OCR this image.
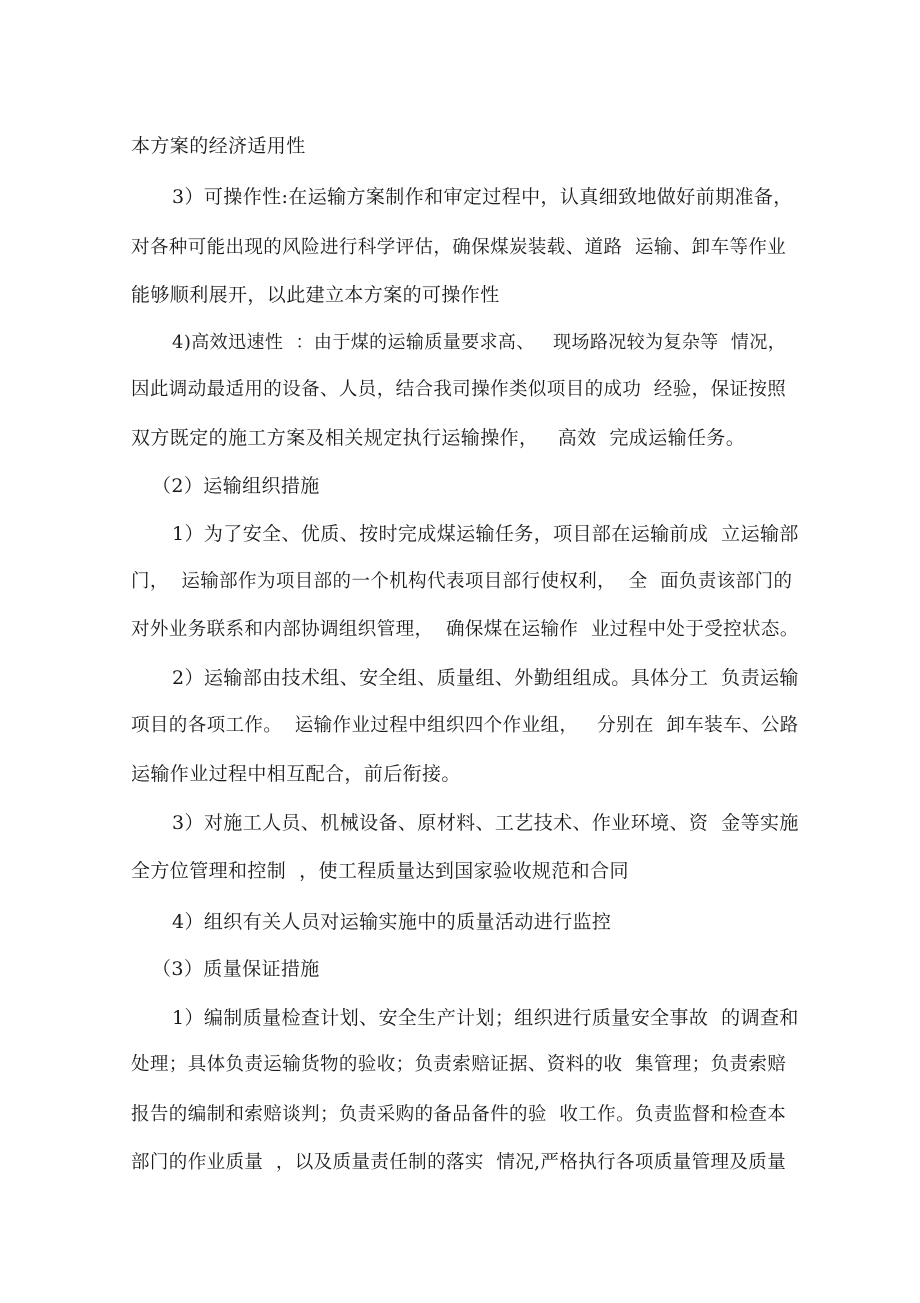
本方案的经济适用性
3）可操作性:在运输方案制作和审定过程中，认真细致地做好前期准备，
对各种可能出现的风险进行科学评估，确保煤炭装载、道路  运输、卸车等作业
能够顺利展开，以此建立本方案的可操作性
4)高效迅速性  ：由于煤的运输质量要求高、   现场路况较为复杂等  情况，
因此调动最适用的设备、人员，结合我司操作类似项目的成功  经验，保证按照
双方既定的施工方案及相关规定执行运输操作，   高效  完成运输任务。
（2）运输组织措施
1）为了安全、优质、按时完成煤运输任务，项目部在运输前成  立运输部
门，  运输部作为项目部的一个机构代表项目部行使权利，  全  面负责该部门的
对外业务联系和内部协调组织管理，  确保煤在运输作  业过程中处于受控状态。
2）运输部由技术组、安全组、质量组、外勤组组成。具体分工  负责运输
项目的各项工作。  运输作业过程中组织四个作业组，   分别在  卸车装车、公路
运输作业过程中相互配合，前后衔接。
3）对施工人员、机械设备、原材料、工艺技术、作业环境、资  金等实施
全方位管理和控制  ，使工程质量达到国家验收规范和合同
4）组织有关人员对运输实施中的质量活动进行监控
（3）质量保证措施
1）编制质量检查计划、安全生产计划；组织进行质量安全事故  的调查和
处理；具体负责运输货物的验收；负责索赔证据、资料的收  集管理；负责索赔
报告的编制和索赔谈判；负责采购的备品备件的验  收工作。负责监督和检查本
部门的作业质量  ，以及质量责任制的落实  情况,严格执行各项质量管理及质量
